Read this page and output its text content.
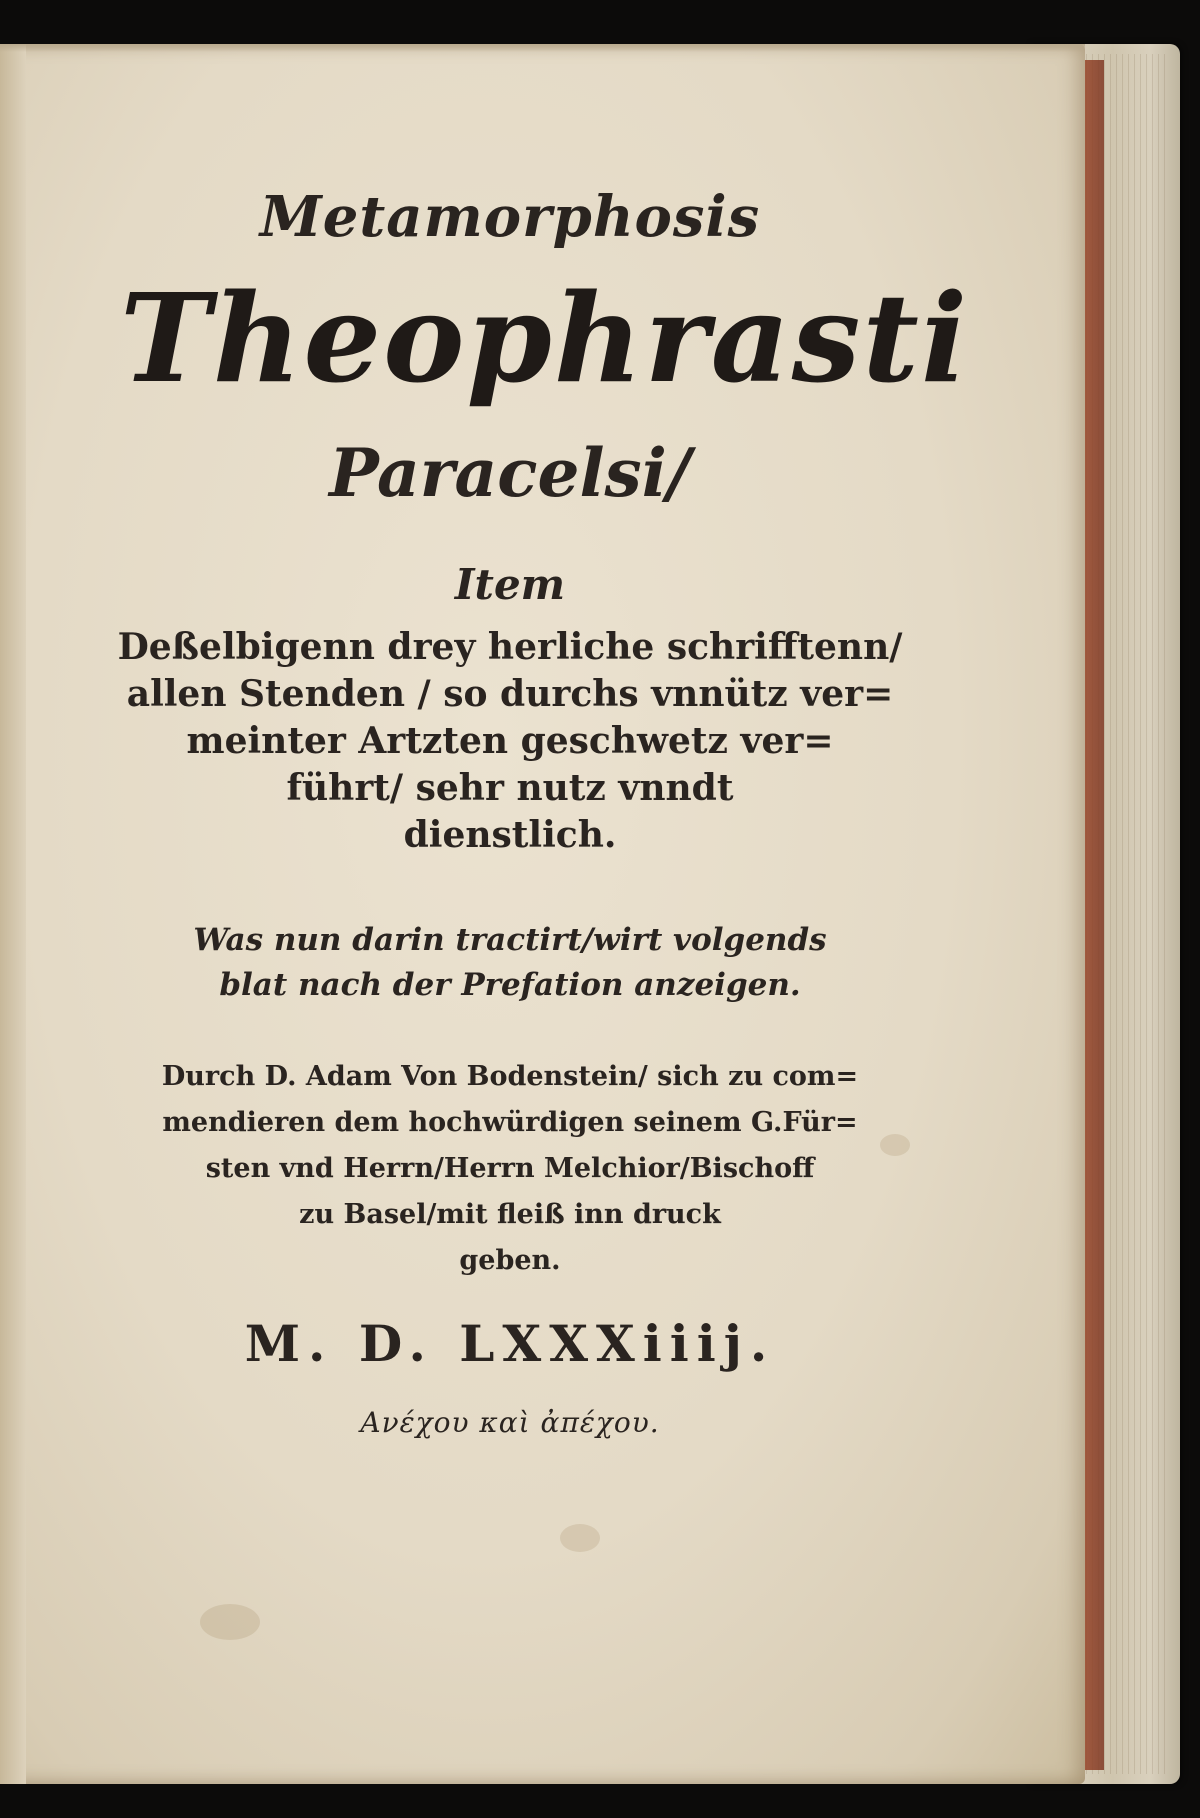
Metamorphosis
Theophrasti
Paracelsi/
Item
Deßelbigenn drey herliche schrifftenn/
allen Stenden / so durchs vnnütz ver=
meinter Artzten geschwetz ver=
führt/ sehr nutz vnndt
dienstlich.
Was nun darin tractirt/wirt volgends
blat nach der Prefation anzeigen.
Durch D. Adam Von Bodenstein/ sich zu com=
mendieren dem hochwürdigen seinem G.Für=
sten vnd Herrn/Herrn Melchior/Bischoff
zu Basel/mit fleiß inn druck
geben.
M. D. LXXXiiij.
Ανέχου καὶ ἀπέχου.
